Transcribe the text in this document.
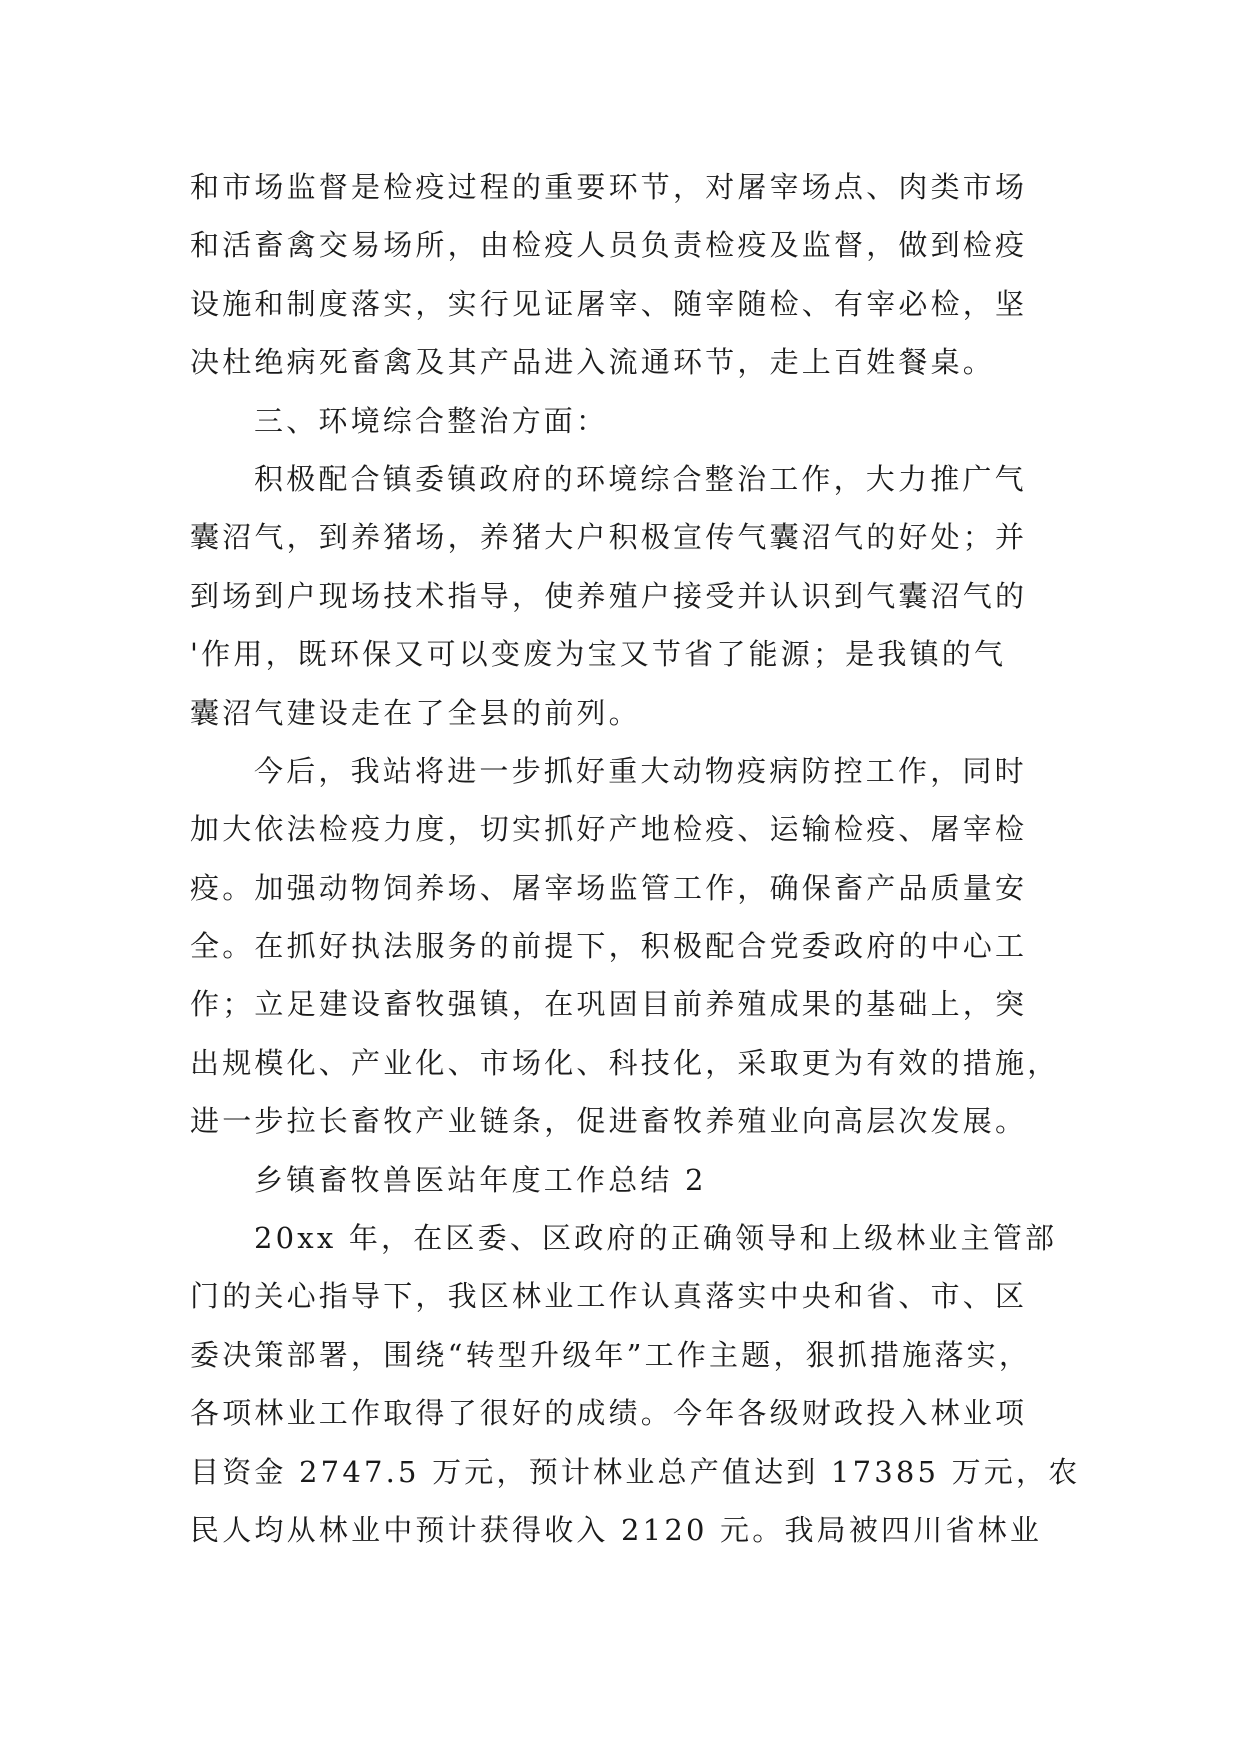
和市场监督是检疫过程的重要环节，对屠宰场点、肉类市场
和活畜禽交易场所，由检疫人员负责检疫及监督，做到检疫
设施和制度落实，实行见证屠宰、随宰随检、有宰必检，坚
决杜绝病死畜禽及其产品进入流通环节，走上百姓餐桌。
三、环境综合整治方面：
积极配合镇委镇政府的环境综合整治工作，大力推广气
囊沼气，到养猪场，养猪大户积极宣传气囊沼气的好处；并
到场到户现场技术指导，使养殖户接受并认识到气囊沼气的
'作用，既环保又可以变废为宝又节省了能源；是我镇的气
囊沼气建设走在了全县的前列。
今后，我站将进一步抓好重大动物疫病防控工作，同时
加大依法检疫力度，切实抓好产地检疫、运输检疫、屠宰检
疫。加强动物饲养场、屠宰场监管工作，确保畜产品质量安
全。在抓好执法服务的前提下，积极配合党委政府的中心工
作；立足建设畜牧强镇，在巩固目前养殖成果的基础上，突
出规模化、产业化、市场化、科技化，采取更为有效的措施，
进一步拉长畜牧产业链条，促进畜牧养殖业向高层次发展。
乡镇畜牧兽医站年度工作总结 2
20xx 年，在区委、区政府的正确领导和上级林业主管部
门的关心指导下，我区林业工作认真落实中央和省、市、区
委决策部署，围绕“转型升级年”工作主题，狠抓措施落实，
各项林业工作取得了很好的成绩。今年各级财政投入林业项
目资金 2747.5 万元，预计林业总产值达到 17385 万元，农
民人均从林业中预计获得收入 2120 元。我局被四川省林业
